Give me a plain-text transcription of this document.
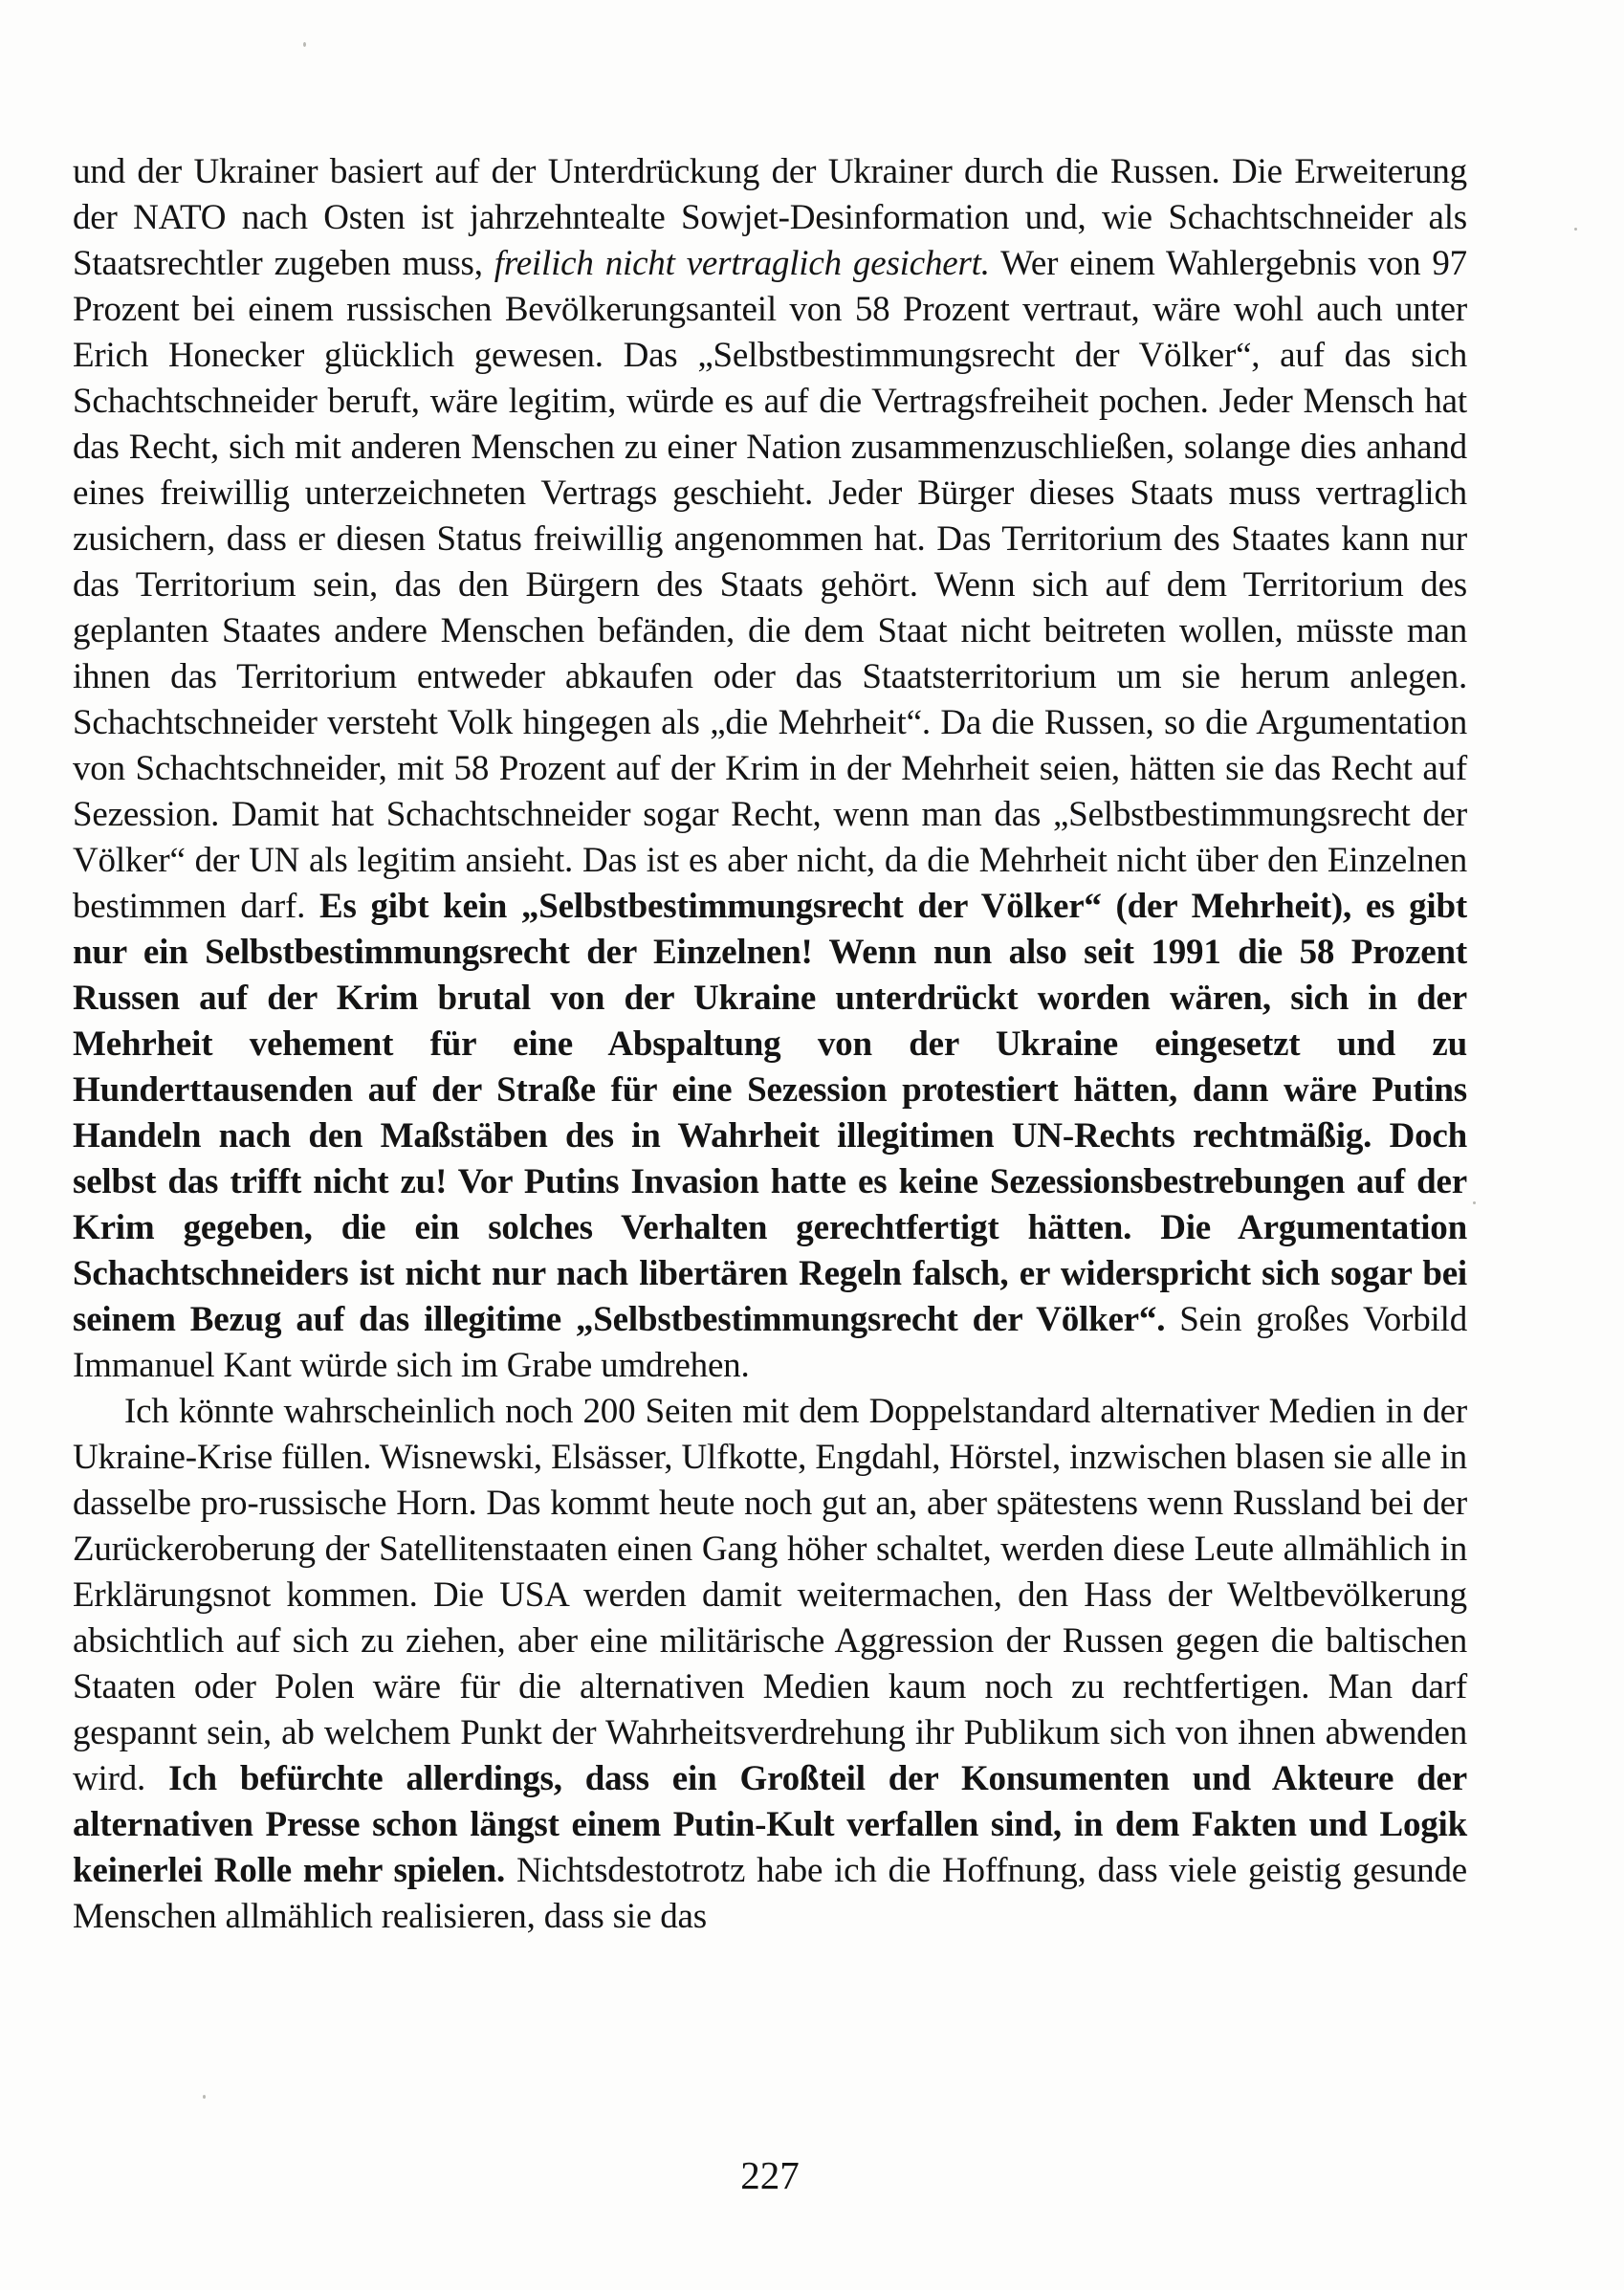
und der Ukrainer basiert auf der Unterdrückung der Ukrainer durch die Russen. Die Erweiterung der NATO nach Osten ist jahrzehntealte Sowjet-Desinformation und, wie Schachtschneider als Staatsrechtler zugeben muss, freilich nicht vertraglich gesichert. Wer einem Wahlergebnis von 97 Prozent bei einem russischen Bevölkerungsanteil von 58 Prozent vertraut, wäre wohl auch unter Erich Honecker glücklich gewesen. Das „Selbstbestimmungsrecht der Völker“, auf das sich Schachtschneider beruft, wäre legitim, würde es auf die Vertragsfreiheit pochen. Jeder Mensch hat das Recht, sich mit anderen Menschen zu einer Nation zusammenzuschließen, solange dies anhand eines freiwillig unterzeichneten Vertrags geschieht. Jeder Bürger dieses Staats muss vertraglich zusichern, dass er diesen Status freiwillig angenommen hat. Das Territorium des Staates kann nur das Territorium sein, das den Bürgern des Staats gehört. Wenn sich auf dem Territorium des geplanten Staates andere Menschen befänden, die dem Staat nicht beitreten wollen, müsste man ihnen das Territorium entweder abkaufen oder das Staatsterritorium um sie herum anlegen. Schachtschneider versteht Volk hingegen als „die Mehrheit“. Da die Russen, so die Argumentation von Schachtschneider, mit 58 Prozent auf der Krim in der Mehrheit seien, hätten sie das Recht auf Sezession. Damit hat Schachtschneider sogar Recht, wenn man das „Selbstbestimmungsrecht der Völker“ der UN als legitim ansieht. Das ist es aber nicht, da die Mehrheit nicht über den Einzelnen bestimmen darf. Es gibt kein „Selbstbestimmungsrecht der Völker“ (der Mehrheit), es gibt nur ein Selbstbestimmungsrecht der Einzelnen! Wenn nun also seit 1991 die 58 Prozent Russen auf der Krim brutal von der Ukraine unterdrückt worden wären, sich in der Mehrheit vehement für eine Abspaltung von der Ukraine eingesetzt und zu Hunderttausenden auf der Straße für eine Sezession protestiert hätten, dann wäre Putins Handeln nach den Maßstäben des in Wahrheit illegitimen UN-Rechts rechtmäßig. Doch selbst das trifft nicht zu! Vor Putins Invasion hatte es keine Sezessionsbestrebungen auf der Krim gegeben, die ein solches Verhalten gerechtfertigt hätten. Die Argumentation Schachtschneiders ist nicht nur nach libertären Regeln falsch, er widerspricht sich sogar bei seinem Bezug auf das illegitime „Selbstbestimmungsrecht der Völker“. Sein großes Vorbild Immanuel Kant würde sich im Grabe umdrehen.

Ich könnte wahrscheinlich noch 200 Seiten mit dem Doppelstandard alternativer Medien in der Ukraine-Krise füllen. Wisnewski, Elsässer, Ulfkotte, Engdahl, Hörstel, inzwischen blasen sie alle in dasselbe pro-russische Horn. Das kommt heute noch gut an, aber spätestens wenn Russland bei der Zurückeroberung der Satellitenstaaten einen Gang höher schaltet, werden diese Leute allmählich in Erklärungsnot kommen. Die USA werden damit weitermachen, den Hass der Weltbevölkerung absichtlich auf sich zu ziehen, aber eine militärische Aggression der Russen gegen die baltischen Staaten oder Polen wäre für die alternativen Medien kaum noch zu rechtfertigen. Man darf gespannt sein, ab welchem Punkt der Wahrheitsverdrehung ihr Publikum sich von ihnen abwenden wird. Ich befürchte allerdings, dass ein Großteil der Konsumenten und Akteure der alternativen Presse schon längst einem Putin-Kult verfallen sind, in dem Fakten und Logik keinerlei Rolle mehr spielen. Nichtsdestotrotz habe ich die Hoffnung, dass viele geistig gesunde Menschen allmählich realisieren, dass sie das

227
